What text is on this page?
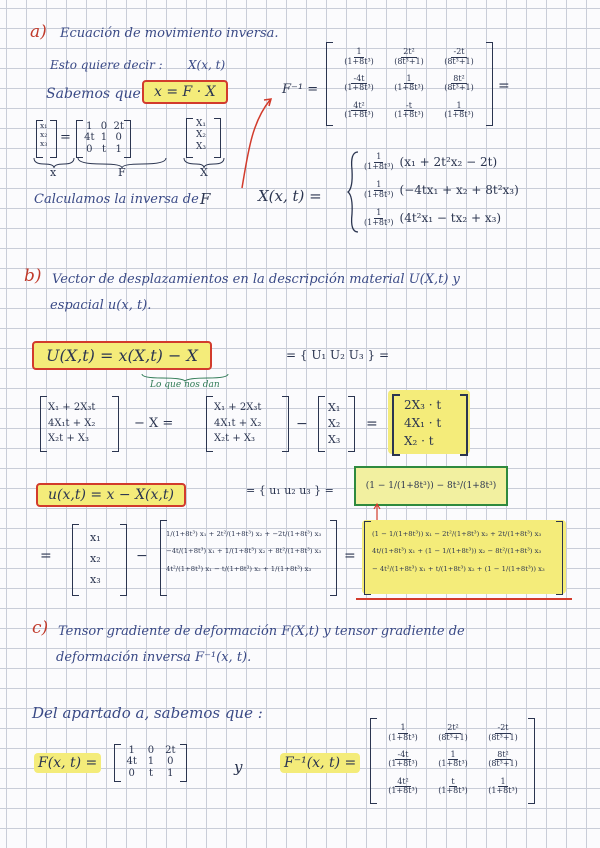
a) Ecuación de movimiento inversa.
Esto quiere decir : X(x, t)
Sabemos que x = F · X	F⁻¹ =
$\frac{1}{\text{(1+8t³)}}$	$\frac{\text{2t²}}{\text{(8t³+1)}}$	$\frac{-2t}{\text{(8t³+1)}}$
$\frac{-4t}{\text{(1+8t³)}}$	$\frac{1}{\text{(1+8t³)}}$	$\frac{\text{8t²}}{\text{(8t³+1)}}$
$\frac{\text{4t²}}{\text{(1+8t³)}}$	$\frac{-t}{\text{(1+8t³)}}$	$\frac{1}{\text{(1+8t³)}}$
=
x₁
x₂
x₃ =
1 0 2t
4t 1 0
0 t 1
X₁
X₂
X₃
x	F	X
Calculamos la inversa de F	X(x, t) =
$\frac{1}{\text{(1+8t³)}} (x_1 + 2t^2x_2 - 2t)$
$\frac{1}{\text{(1+8t³)}} (-4tx_1 + x_2 + 8t^2x_3)$
$\frac{1}{\text{(1+8t³)}} (4t^2x_1 - tx_2 + x_3)$
b) Vector de desplazamientos en la descripción material U(X,t) y
espacial u(x, t).
U(X,t) = x(X,t) − X	= { U₁ U₂ U₃ } =
Lo que nos dan
X₁ + 2X₃t
4X₁t + X₂
X₂t + X₃
− X =
X₁ + 2X₃t
4X₁t + X₂
X₂t + X₃
−
X₁
X₂
X₃
=
2X₃ · t
4X₁ · t
X₂ · t
u(x,t) = x − X(x,t)	= { u₁ u₂ u₃ } =	(1 − 1/(1+8t³)) − 8t³/(1+8t³)
=
x₁
x₂
x₃
−
1/(1+8t³) x₁ + 2t²/(1+8t³) x₂ + −2t/(1+8t³) x₃
−4t/(1+8t³) x₁ + 1/(1+8t³) x₂ + 8t²/(1+8t³) x₃
4t²/(1+8t³) x₁ − t/(1+8t³) x₂ + 1/(1+8t³) x₃
=
(1 − 1/(1+8t³)) x₁ − 2t²/(1+8t³) x₂ + 2t/(1+8t³) x₃
4t/(1+8t³) x₁ + (1 − 1/(1+8t³)) x₂ − 8t²/(1+8t³) x₃
− 4t²/(1+8t³) x₁ + t/(1+8t³) x₂ + (1 − 1/(1+8t³)) x₃
c) Tensor gradiente de deformación F(X,t) y tensor gradiente de
deformación inversa F⁻¹(x, t).
Del apartado a, sabemos que :
F(x, t) =
1	0	2t
4t	1	0
0	t	1	y	F⁻¹(x, t) =
$\frac{1}{\text{(1+8t³)}}$	$\frac{\text{2t²}}{\text{(8t³+1)}}$	$\frac{-2t}{\text{(8t³+1)}}$
$\frac{-4t}{\text{(1+8t³)}}$	$\frac{1}{\text{(1+8t³)}}$	$\frac{\text{8t²}}{\text{(8t³+1)}}$
$\frac{\text{4t²}}{\text{(1+8t³)}}$	$\frac{t}{\text{(1+8t³)}}$	$\frac{1}{\text{(1+8t³)}}$
